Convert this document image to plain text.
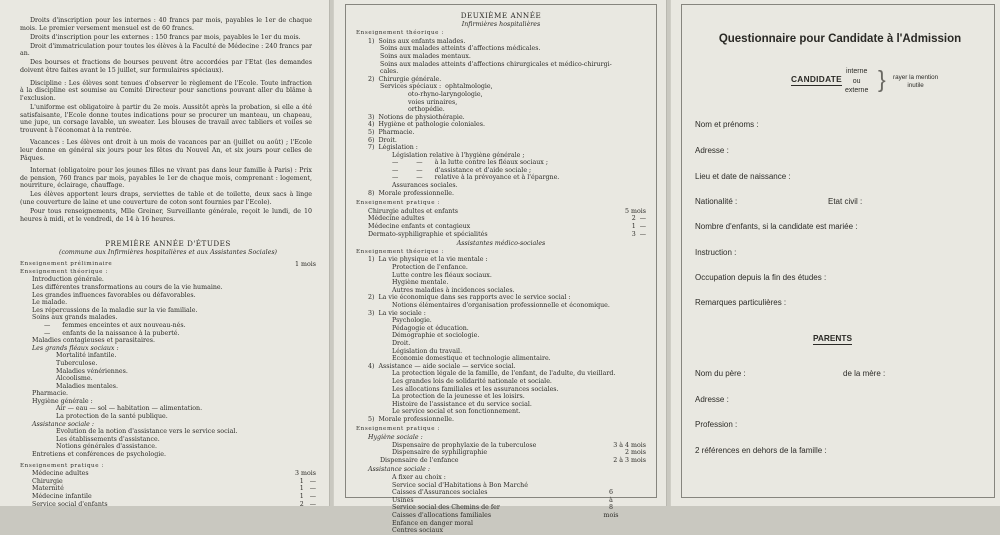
Droits d'inscription pour les internes : 40 francs par mois, payables le 1er de chaque mois. Le premier versement mensuel est de 60 francs.

Droits d'inscription pour les externes : 150 francs par mois, payables le 1er du mois.

Droit d'immatriculation pour toutes les élèves à la Faculté de Médecine : 240 francs par an.

Des bourses et fractions de bourses peuvent être accordées par l'Etat (les demandes doivent être faites avant le 15 juillet, sur formulaires spéciaux).

Discipline : Les élèves sont tenues d'observer le règlement de l'Ecole. Toute infraction à la discipline est soumise au Comité Directeur pour sanctions pouvant aller du blâme à l'exclusion.

L'uniforme est obligatoire à partir du 2e mois. Aussitôt après la probation, si elle a été satisfaisante, l'Ecole donne toutes indications pour se procurer un manteau, un chapeau, une jupe, un corsage lavable, un sweater. Les blouses de travail avec tabliers et voiles se trouvent à l'économat à la rentrée.

Vacances : Les élèves ont droit à un mois de vacances par an (juillet ou août) ; l'Ecole leur donne en général six jours pour les fêtes du Nouvel An, et six jours pour celles de Pâques.

Internat (obligatoire pour les jeunes filles ne vivant pas dans leur famille à Paris) : Prix de pension, 760 francs par mois, payables le 1er de chaque mois, comprenant : logement, nourriture, éclairage, chauffage.

Les élèves apportent leurs draps, serviettes de table et de toilette, deux sacs à linge (une couverture de laine et une couverture de coton sont fournies par l'Ecole).

Pour tous renseignements, Mlle Greiner, Surveillante générale, reçoit le lundi, de 10 heures à midi, et le vendredi, de 14 à 16 heures.

PREMIÈRE ANNÉE D'ÉTUDES
(commune aux Infirmières hospitalières et aux Assistantes Sociales)
Enseignement préliminaire	1 mois
Enseignement théorique :
Introduction générale.
Les différentes transformations au cours de la vie humaine.
Les grandes influences favorables ou défavorables.
Le malade.
Les répercussions de la maladie sur la vie familiale.
Soins aux grands malades.
—      femmes enceintes et aux nouveau-nés.
—      enfants de la naissance à la puberté.
Maladies contagieuses et parasitaires.
Les grands fléaux sociaux :
Mortalité infantile.
Tuberculose.
Maladies vénériennes.
Alcoolisme.
Maladies mentales.
Pharmacie.
Hygiène générale :
Air — eau — sol — habitation — alimentation.
La protection de la santé publique.
Assistance sociale :
Evolution de la notion d'assistance vers le service social.
Les établissements d'assistance.
Notions générales d'assistance.
Entretiens et conférences de psychologie.
Enseignement pratique :
Médecine adultes	3 mois
Chirurgie	1   —
Maternité	1   —
Médecine infantile	1   —
Service social d'enfants	2   —
DEUXIÈME ANNÉE
Infirmières hospitalières
Enseignement théorique :
1)  Soins aux enfants malades.
Soins aux malades atteints d'affections médicales.
Soins aux malades mentaux.
Soins aux malades atteints d'affections chirurgicales et médico-chirurgi-
cales.
2)  Chirurgie générale.
Services spéciaux :  ophtalmologie,
oto-rhyno-laryngologie,
voies urinaires,
orthopédie.
3)  Notions de physiothérapie.
4)  Hygiène et pathologie coloniales.
5)  Pharmacie.
6)  Droit.
7)  Législation :
Législation relative à l'hygiène générale ;
—         —      à la lutte contre les fléaux sociaux ;
—         —      d'assistance et d'aide sociale ;
—         —      relative à la prévoyance et à l'épargne.
Assurances sociales.
8)  Morale professionnelle.
Enseignement pratique :
Chirurgie adultes et enfants	5 mois
Médecine adultes	2  —
Médecine enfants et contagieux	1  —
Dermato-syphiligraphie et spécialités	3  —
Assistantes médico-sociales
Enseignement théorique :
1)  La vie physique et la vie mentale :
Protection de l'enfance.
Lutte contre les fléaux sociaux.
Hygiène mentale.
Autres maladies à incidences sociales.
2)  La vie économique dans ses rapports avec le service social :
Notions élémentaires d'organisation professionnelle et économique.
3)  La vie sociale :
Psychologie.
Pédagogie et éducation.
Démographie et sociologie.
Droit.
Législation du travail.
Economie domestique et technologie alimentaire.
4)  Assistance — aide sociale — service social.
La protection légale de la famille, de l'enfant, de l'adulte, du vieillard.
Les grandes lois de solidarité nationale et sociale.
Les allocations familiales et les assurances sociales.
La protection de la jeunesse et les loisirs.
Histoire de l'assistance et du service social.
Le service social et son fonctionnement.
5)  Morale professionnelle.
Enseignement pratique :
Hygiène sociale :
Dispensaire de prophylaxie de la tuberculose	3 à 4 mois
Dispensaire de syphiligraphie	2 mois
Dispensaire de l'enfance	2 à 3 mois
Assistance sociale :
A fixer au choix :
Service social d'Habitations à Bon Marché
Caisses d'Assurances sociales
Usines
Service social des Chemins de fer
Caisses d'allocations familiales
Enfance en danger moral
Centres sociaux
6
à
8
mois
Questionnaire pour Candidate à l'Admission
CANDIDATE
interne
ou
externe } rayer la mention
inutile
Nom et prénoms :
Adresse :
Lieu et date de naissance :
Nationalité :	Etat civil :
Nombre d'enfants, si la candidate est mariée :
Instruction :
Occupation depuis la fin des études :
Remarques particulières :
PARENTS
Nom du père :	de la mère :
Adresse :
Profession :
2 références en dehors de la famille :
